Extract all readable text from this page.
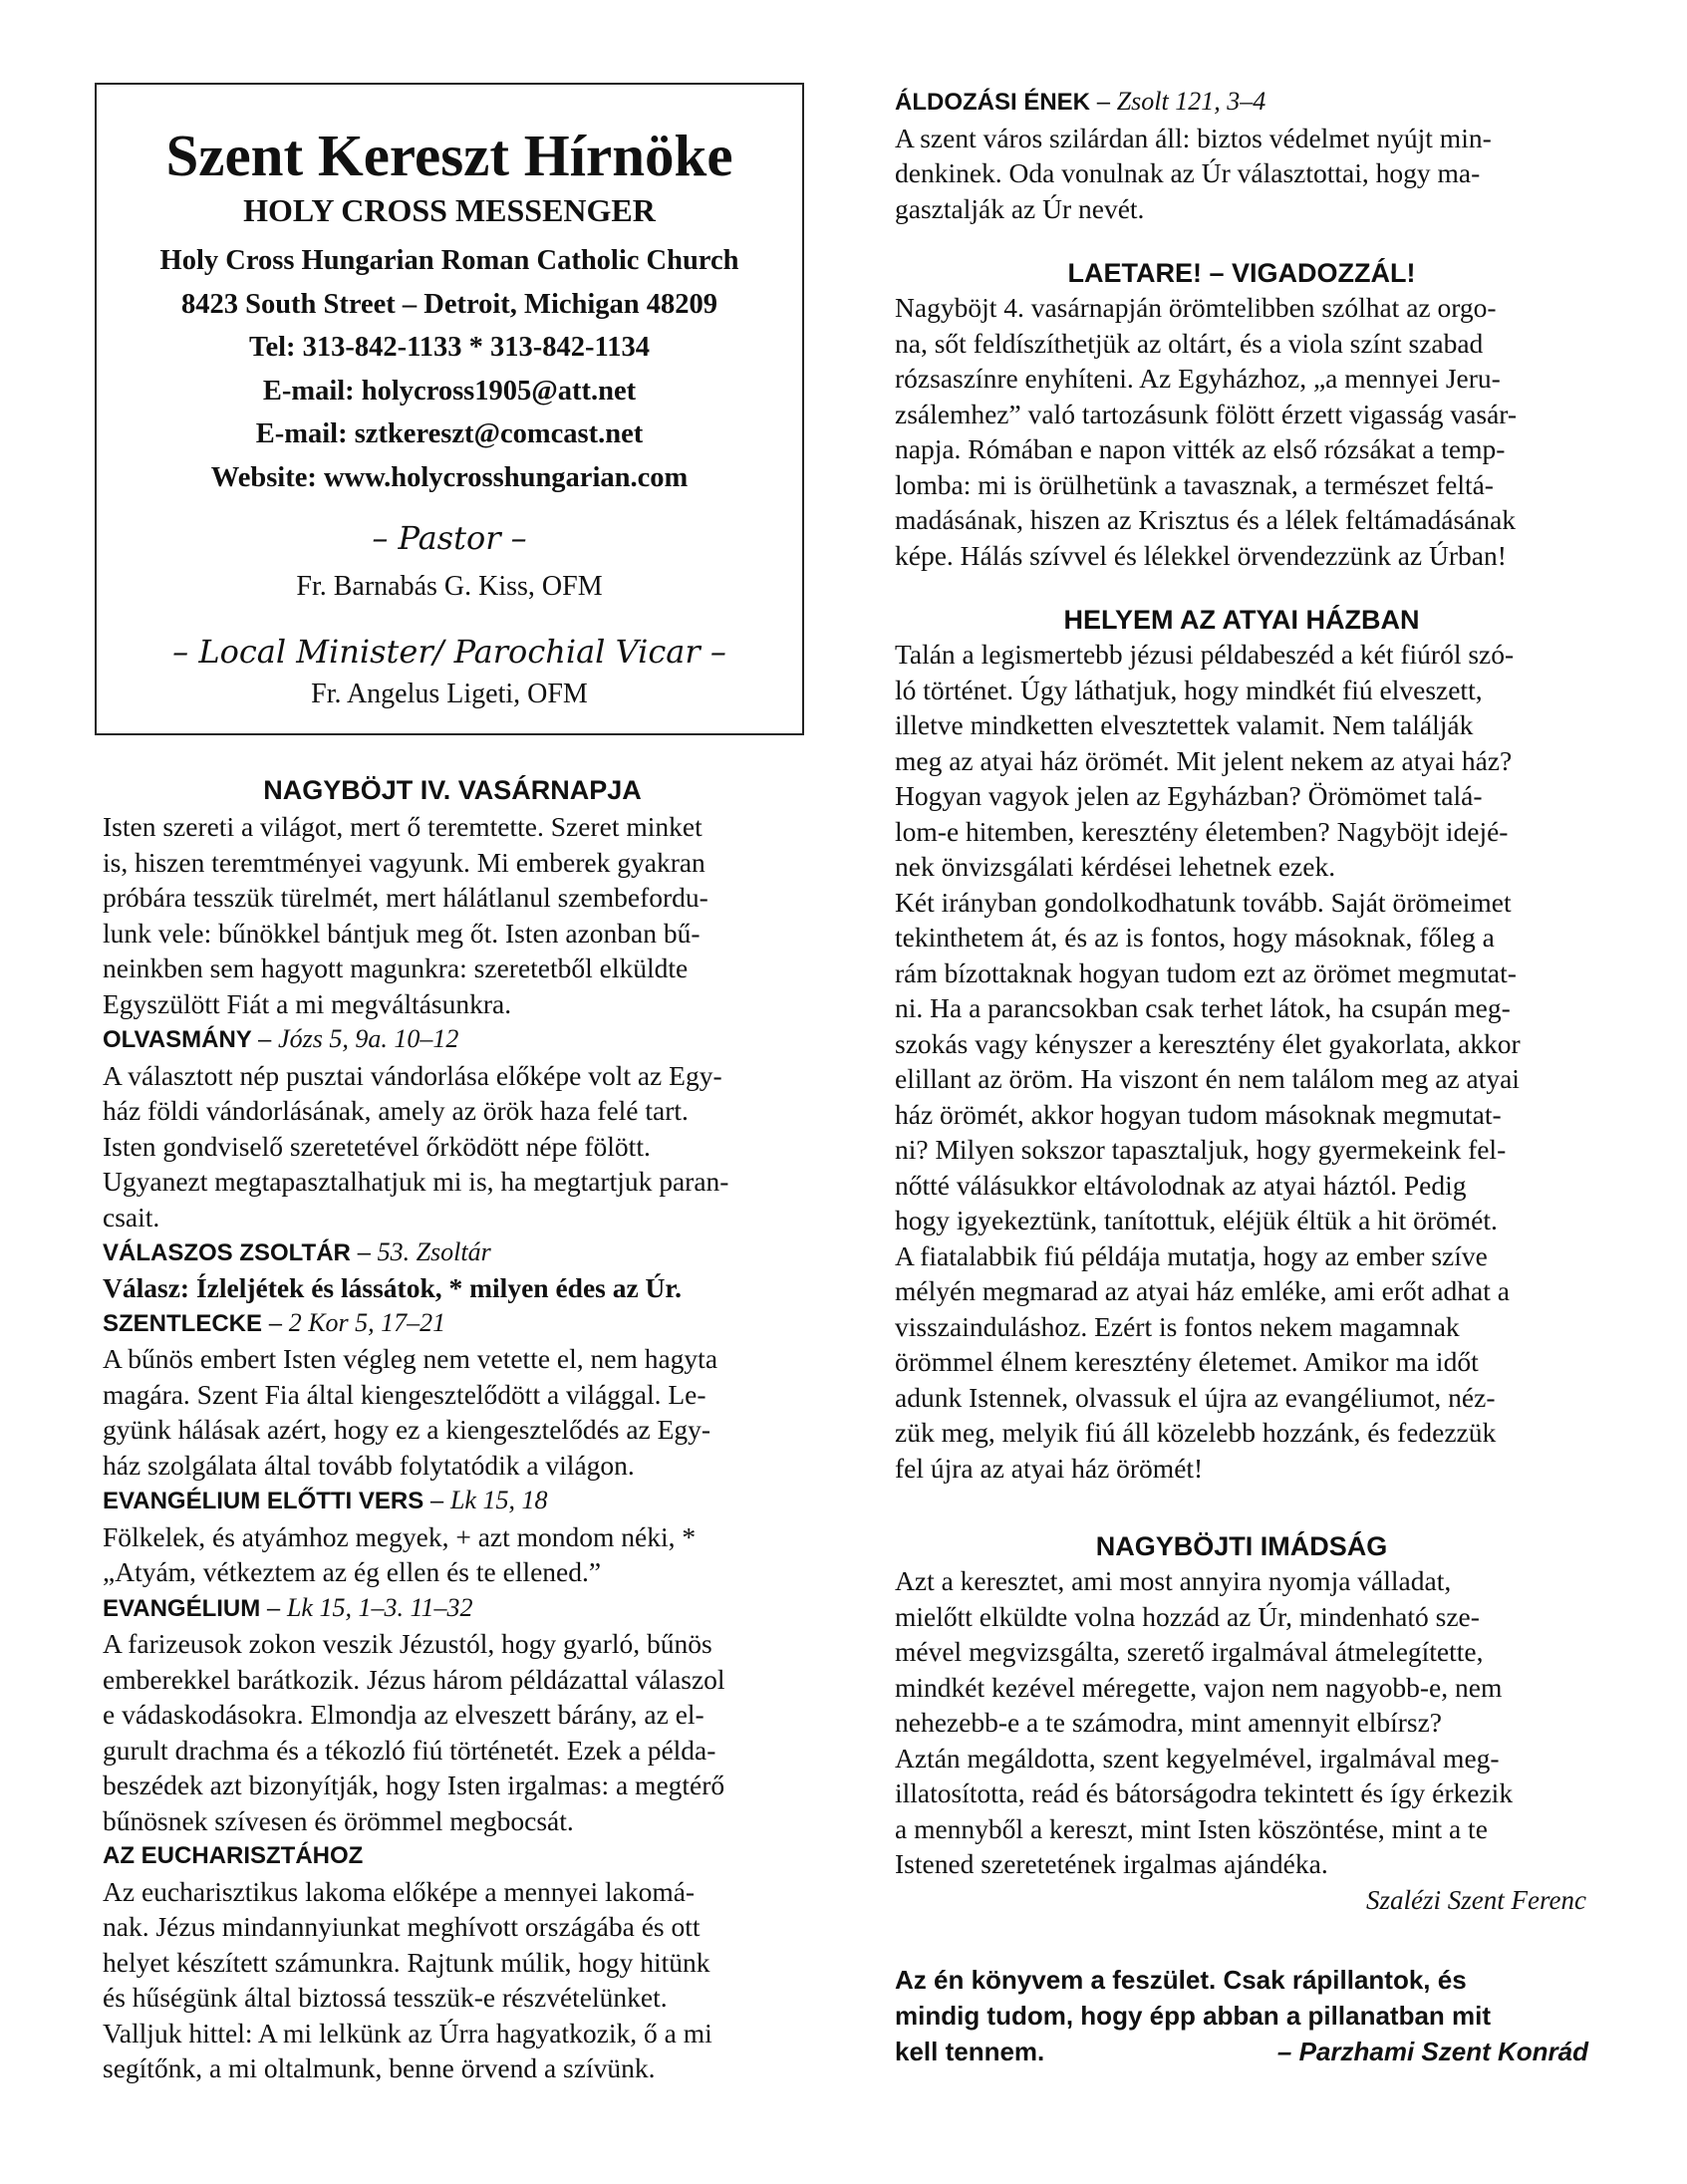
Szent Kereszt Hírnöke
HOLY CROSS MESSENGER
Holy Cross Hungarian Roman Catholic Church
8423 South Street – Detroit, Michigan 48209
Tel: 313-842-1133 * 313-842-1134
E-mail: holycross1905@att.net
E-mail: sztkereszt@comcast.net
Website: www.holycrosshungarian.com
– Pastor –
Fr. Barnabás G. Kiss, OFM
– Local Minister/ Parochial Vicar –
Fr. Angelus Ligeti, OFM

NAGYBÖJT IV. VASÁRNAPJA

Isten szereti a világot, mert ő teremtette. Szeret minket

is, hiszen teremtményei vagyunk. Mi emberek gyakran

próbára tesszük türelmét, mert hálátlanul szembefordu-

lunk vele: bűnökkel bántjuk meg őt. Isten azonban bű-

neinkben sem hagyott magunkra: szeretetből elküldte

Egyszülött Fiát a mi megváltásunkra.

OLVASMÁNY – Józs 5, 9a. 10–12

A választott nép pusztai vándorlása előképe volt az Egy-

ház földi vándorlásának, amely az örök haza felé tart.

Isten gondviselő szeretetével őrködött népe fölött.

Ugyanezt megtapasztalhatjuk mi is, ha megtartjuk paran-

csait.

VÁLASZOS ZSOLTÁR – 53. Zsoltár

Válasz: Ízleljétek és lássátok, * milyen édes az Úr.

SZENTLECKE – 2 Kor 5, 17–21

A bűnös embert Isten végleg nem vetette el, nem hagyta

magára. Szent Fia által kiengesztelődött a világgal. Le-

gyünk hálásak azért, hogy ez a kiengesztelődés az Egy-

ház szolgálata által tovább folytatódik a világon.

EVANGÉLIUM ELŐTTI VERS – Lk 15, 18

Fölkelek, és atyámhoz megyek, + azt mondom néki, *

„Atyám, vétkeztem az ég ellen és te ellened.”

EVANGÉLIUM – Lk 15, 1–3. 11–32

A farizeusok zokon veszik Jézustól, hogy gyarló, bűnös

emberekkel barátkozik. Jézus három példázattal válaszol

e vádaskodásokra. Elmondja az elveszett bárány, az el-

gurult drachma és a tékozló fiú történetét. Ezek a példa-

beszédek azt bizonyítják, hogy Isten irgalmas: a megtérő

bűnösnek szívesen és örömmel megbocsát.

AZ EUCHARISZTÁHOZ

Az eucharisztikus lakoma előképe a mennyei lakomá-

nak. Jézus mindannyiunkat meghívott országába és ott

helyet készített számunkra. Rajtunk múlik, hogy hitünk

és hűségünk által biztossá tesszük-e részvételünket.

Valljuk hittel: A mi lelkünk az Úrra hagyatkozik, ő a mi

segítőnk, a mi oltalmunk, benne örvend a szívünk.

ÁLDOZÁSI ÉNEK – Zsolt 121, 3–4

A szent város szilárdan áll: biztos védelmet nyújt min-

denkinek. Oda vonulnak az Úr választottai, hogy ma-

gasztalják az Úr nevét.

LAETARE! – VIGADOZZÁL!

Nagyböjt 4. vasárnapján örömtelibben szólhat az orgo-

na, sőt feldíszíthetjük az oltárt, és a viola színt szabad

rózsaszínre enyhíteni. Az Egyházhoz, „a mennyei Jeru-

zsálemhez” való tartozásunk fölött érzett vigasság vasár-

napja. Rómában e napon vitték az első rózsákat a temp-

lomba: mi is örülhetünk a tavasznak, a természet feltá-

madásának, hiszen az Krisztus és a lélek feltámadásának

képe. Hálás szívvel és lélekkel örvendezzünk az Úrban!

HELYEM AZ ATYAI HÁZBAN

Talán a legismertebb jézusi példabeszéd a két fiúról szó-

ló történet. Úgy láthatjuk, hogy mindkét fiú elveszett,

illetve mindketten elvesztettek valamit. Nem találják

meg az atyai ház örömét. Mit jelent nekem az atyai ház?

Hogyan vagyok jelen az Egyházban? Örömömet talá-

lom-e hitemben, keresztény életemben? Nagyböjt idejé-

nek önvizsgálati kérdései lehetnek ezek.

Két irányban gondolkodhatunk tovább. Saját örömeimet

tekinthetem át, és az is fontos, hogy másoknak, főleg a

rám bízottaknak hogyan tudom ezt az örömet megmutat-

ni. Ha a parancsokban csak terhet látok, ha csupán meg-

szokás vagy kényszer a keresztény élet gyakorlata, akkor

elillant az öröm. Ha viszont én nem találom meg az atyai

ház örömét, akkor hogyan tudom másoknak megmutat-

ni? Milyen sokszor tapasztaljuk, hogy gyermekeink fel-

nőtté válásukkor eltávolodnak az atyai háztól. Pedig

hogy igyekeztünk, tanítottuk, eléjük éltük a hit örömét.

A fiatalabbik fiú példája mutatja, hogy az ember szíve

mélyén megmarad az atyai ház emléke, ami erőt adhat a

visszainduláshoz. Ezért is fontos nekem magamnak

örömmel élnem keresztény életemet. Amikor ma időt

adunk Istennek, olvassuk el újra az evangéliumot, néz-

zük meg, melyik fiú áll közelebb hozzánk, és fedezzük

fel újra az atyai ház örömét!

NAGYBÖJTI IMÁDSÁG

Azt a keresztet, ami most annyira nyomja válladat,

mielőtt elküldte volna hozzád az Úr, mindenható sze-

mével megvizsgálta, szerető irgalmával átmelegítette,

mindkét kezével méregette, vajon nem nagyobb-e, nem

nehezebb-e a te számodra, mint amennyit elbírsz?

Aztán megáldotta, szent kegyelmével, irgalmával meg-

illatosította, reád és bátorságodra tekintett és így érkezik

a mennyből a kereszt, mint Isten köszöntése, mint a te

Istened szeretetének irgalmas ajándéka.

Szalézi Szent Ferenc

Az én könyvem a feszület. Csak rápillantok, és

mindig tudom, hogy épp abban a pillanatban mit

kell tennem.	– Parzhami Szent Konrád
